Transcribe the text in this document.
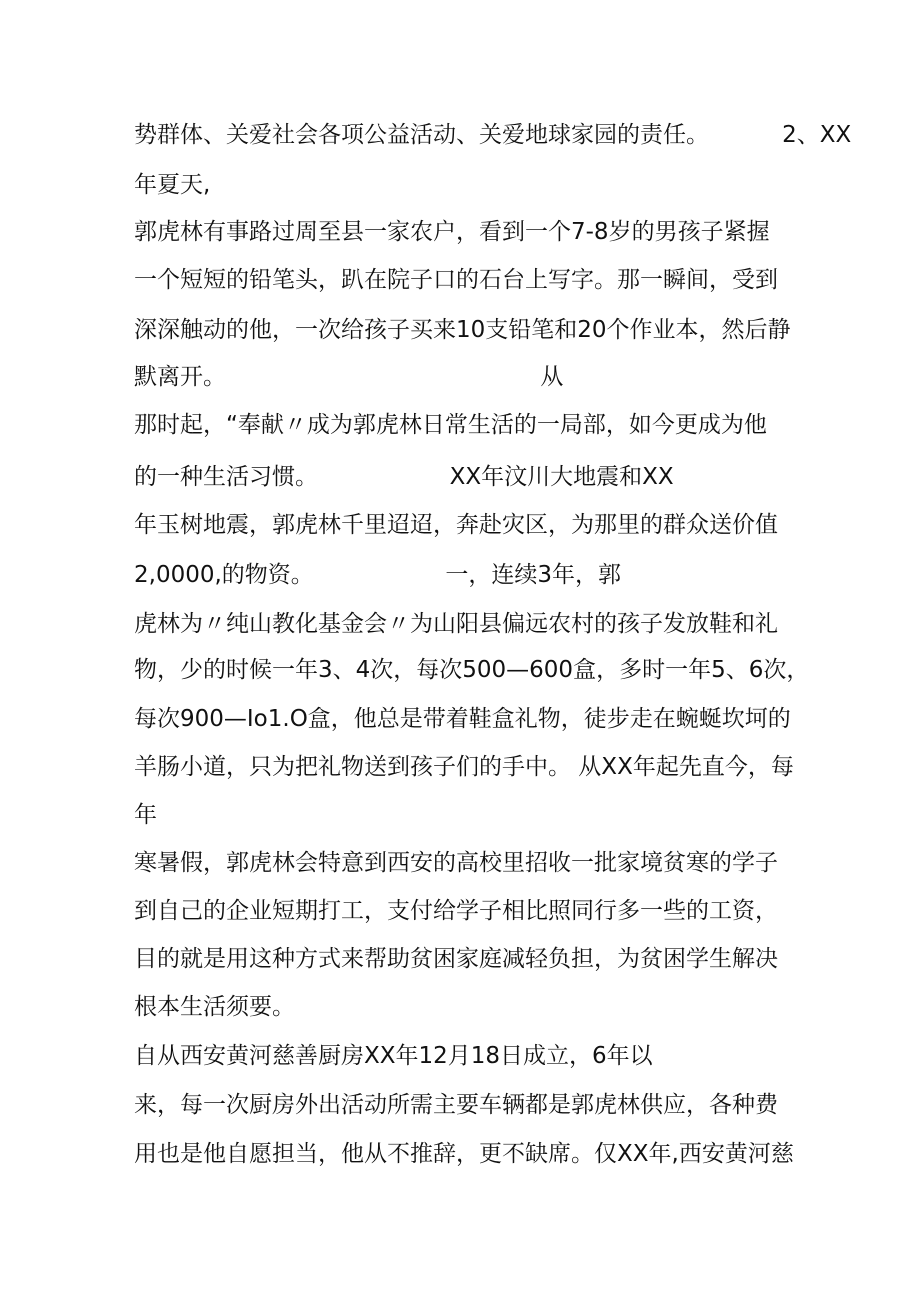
势群体、关爱社会各项公益活动、关爱地球家园的责任。          2、XX
年夏天,
郭虎林有事路过周至县一家农户，看到一个7-8岁的男孩子紧握
一个短短的铅笔头，趴在院子口的石台上写字。那一瞬间，受到
深深触动的他，一次给孩子买来10支铅笔和20个作业本，然后静
默离开。                                           从
那时起，“奉献〃成为郭虎林日常生活的一局部，如今更成为他
的一种生活习惯。                  XX年汶川大地震和XX
年玉树地震，郭虎林千里迢迢，奔赴灾区，为那里的群众送价值
2,0000,的物资。                  一，连续3年，郭
虎林为〃纯山教化基金会〃为山阳县偏远农村的孩子发放鞋和礼
物，少的时候一年3、4次，每次500—600盒，多时一年5、6次，
每次900—Io1.O盒，他总是带着鞋盒礼物，徒步走在蜿蜒坎坷的
羊肠小道，只为把礼物送到孩子们的手中。 从XX年起先直今，每
年
寒暑假，郭虎林会特意到西安的高校里招收一批家境贫寒的学子
到自己的企业短期打工，支付给学子相比照同行多一些的工资，
目的就是用这种方式来帮助贫困家庭减轻负担，为贫困学生解决
根本生活须要。
自从西安黄河慈善厨房XX年12月18日成立，6年以
来，每一次厨房外出活动所需主要车辆都是郭虎林供应，各种费
用也是他自愿担当，他从不推辞，更不缺席。仅XX年,西安黄河慈
